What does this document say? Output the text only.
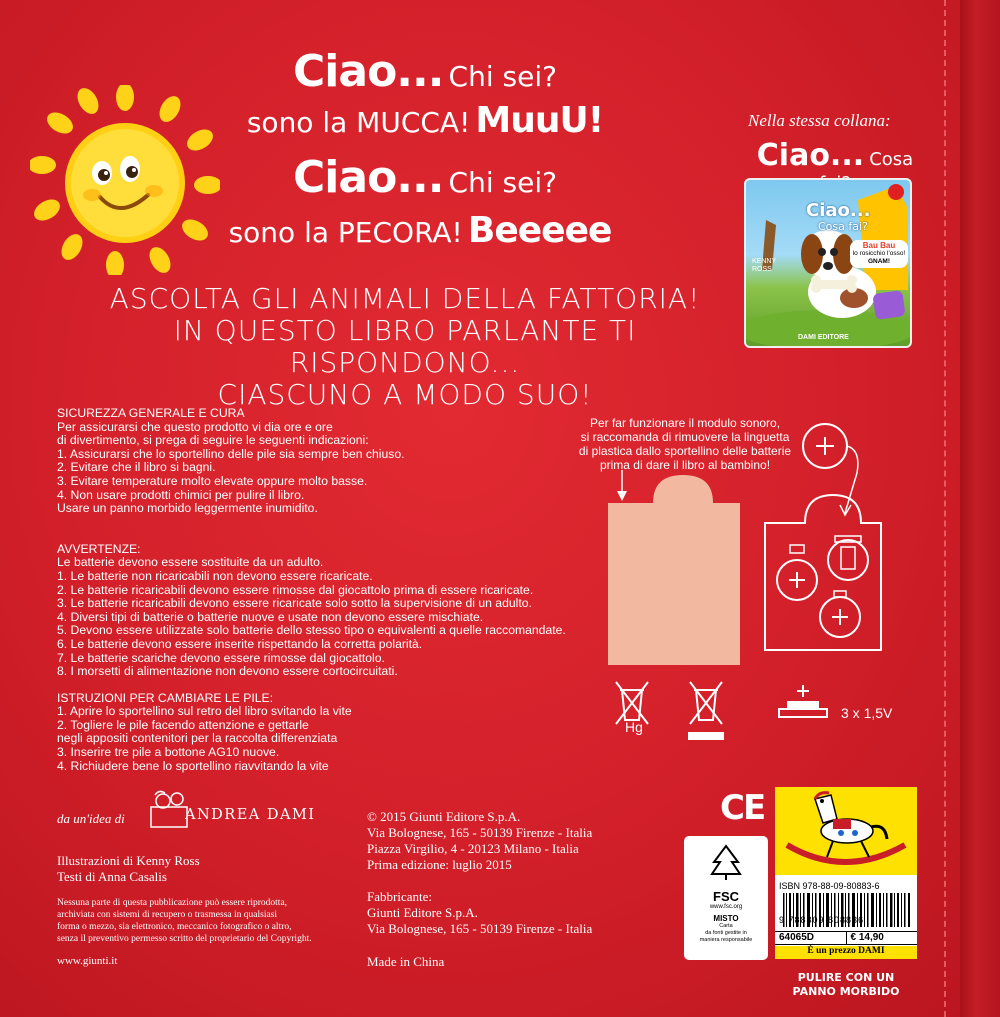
Ciao... Chi sei?
sono la MUCCA! MuuU!
Ciao... Chi sei?
sono la PECORA! Beeeee
ASCOLTA GLI ANIMALI DELLA FATTORIA!
IN QUESTO LIBRO PARLANTE TI RISPONDONO...
CIASCUNO A MODO SUO!
Nella stessa collana:
Ciao... Cosa
Ciao...
Cosa fai?
Bau Bau
lo rosicchio l'osso!
GNAM!
KENNY
ROSS
DAMI EDITORE

SICUREZZA GENERALE E CURA

Per assicurarsi che questo prodotto vi dia ore e ore

di divertimento, si prega di seguire le seguenti indicazioni:

1. Assicurarsi che lo sportellino delle pile sia sempre ben chiuso.

2. Evitare che il libro si bagni.

3. Evitare temperature molto elevate oppure molto basse.

4. Non usare prodotti chimici per pulire il libro.

Usare un panno morbido leggermente inumidito.

AVVERTENZE:

Le batterie devono essere sostituite da un adulto.

1. Le batterie non ricaricabili non devono essere ricaricate.

2. Le batterie ricaricabili devono essere rimosse dal giocattolo prima di essere ricaricate.

3. Le batterie ricaricabili devono essere ricaricate solo sotto la supervisione di un adulto.

4. Diversi tipi di batterie o batterie nuove e usate non devono essere mischiate.

5. Devono essere utilizzate solo batterie dello stesso tipo o equivalenti a quelle raccomandate.

6. Le batterie devono essere inserite rispettando la corretta polarità.

7. Le batterie scariche devono essere rimosse dal giocattolo.

8. I morsetti di alimentazione non devono essere cortocircuitati.

ISTRUZIONI PER CAMBIARE LE PILE:

1. Aprire lo sportellino sul retro del libro svitando la vite

2. Togliere le pile facendo attenzione e gettarle

negli appositi contenitori per la raccolta differenziata

3. Inserire tre pile a bottone AG10 nuove.

4. Richiudere bene lo sportellino riavvitando la vite

Per far funzionare il modulo sonoro,
si raccomanda di rimuovere la linguetta
di plastica dallo sportellino delle batterie
prima di dare il libro al bambino!
Hg
3 x 1,5V
da un'idea di	ANDREA DAMI
Illustrazioni di Kenny Ross
Testi di Anna Casalis
Nessuna parte di questa pubblicazione può essere riprodotta,
archiviata con sistemi di recupero o trasmessa in qualsiasi
forma o mezzo, sia elettronico, meccanico fotografico o altro,
senza il preventivo permesso scritto del proprietario del Copyright.
www.giunti.it
© 2015 Giunti Editore S.p.A.
Via Bolognese, 165 - 50139 Firenze - Italia
Piazza Virgilio, 4 - 20123 Milano - Italia
Prima edizione: luglio 2015
Fabbricante:
Giunti Editore S.p.A.
Via Bolognese, 165 - 50139 Firenze - Italia
Made in China
CE
FSC
www.fsc.org
MISTO
Carta
da fonti gestite in
maniera responsabile
FSC® C020056
ISBN 978-88-09-80883-6
9 788809 808836
64065D	€ 14,90
È un prezzo DAMI
PULIRE CON UN
PANNO MORBIDO
